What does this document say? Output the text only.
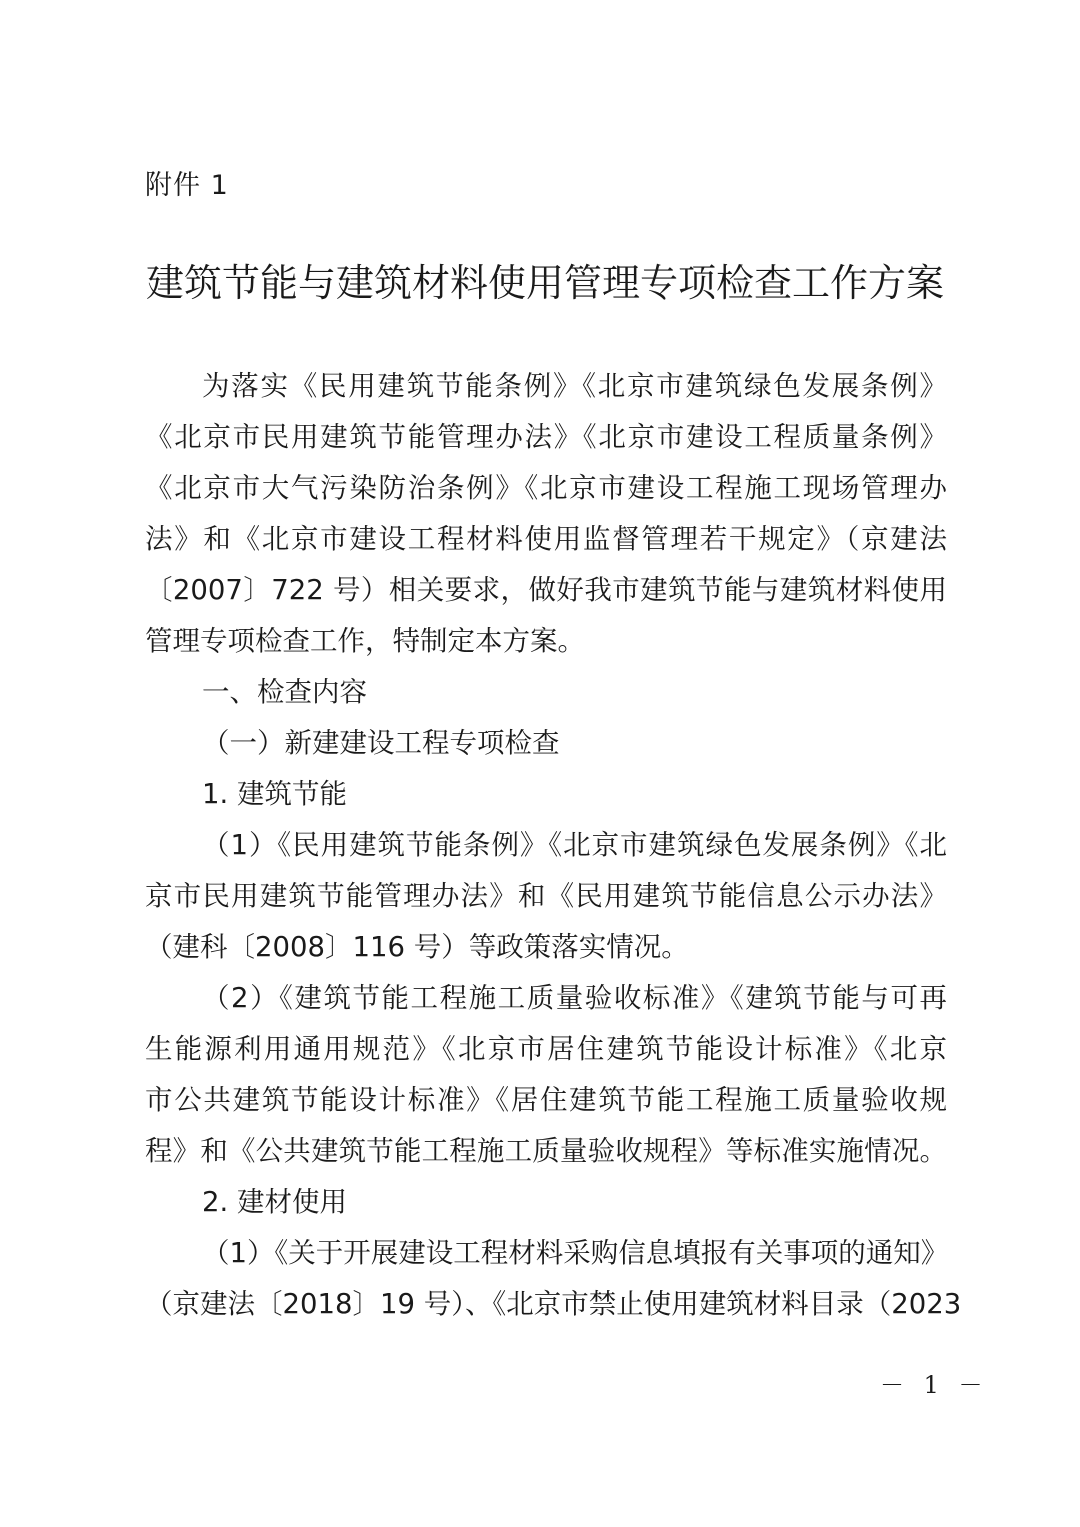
附件 1
建筑节能与建筑材料使用管理专项检查工作方案
为落实《民用建筑节能条例》《北京市建筑绿色发展条例》
《北京市民用建筑节能管理办法》《北京市建设工程质量条例》
《北京市大气污染防治条例》《北京市建设工程施工现场管理办
法》和《北京市建设工程材料使用监督管理若干规定》（京建法
〔2007〕722 号）相关要求，做好我市建筑节能与建筑材料使用
管理专项检查工作，特制定本方案。
一、检查内容
（一）新建建设工程专项检查
1. 建筑节能
（1）《民用建筑节能条例》《北京市建筑绿色发展条例》《北
京市民用建筑节能管理办法》和《民用建筑节能信息公示办法》
（建科〔2008〕116 号）等政策落实情况。
（2）《建筑节能工程施工质量验收标准》《建筑节能与可再
生能源利用通用规范》《北京市居住建筑节能设计标准》《北京
市公共建筑节能设计标准》《居住建筑节能工程施工质量验收规
程》和《公共建筑节能工程施工质量验收规程》等标准实施情况。
2. 建材使用
（1）《关于开展建设工程材料采购信息填报有关事项的通知》
（京建法〔2018〕19 号）、《北京市禁止使用建筑材料目录（2023
－ 1 －
